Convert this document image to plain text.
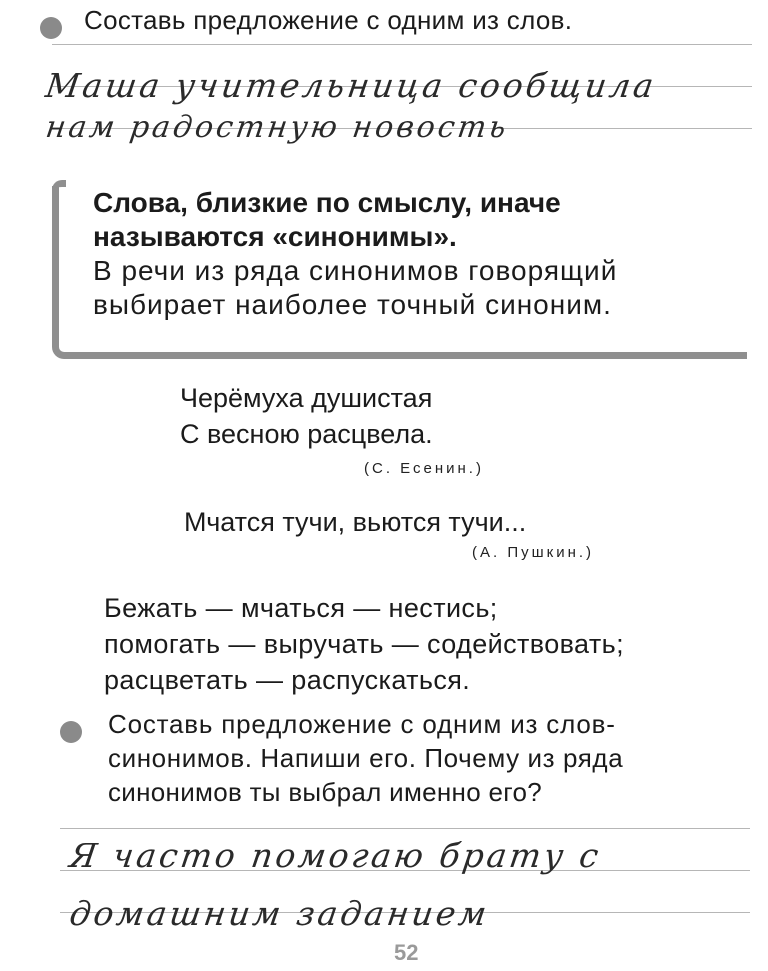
Составь предложение с одним из слов.
Маша учительница сообщила
нам радостную новость
Слова, близкие по смыслу, иначе
называются «синонимы».
В речи из ряда синонимов говорящий
выбирает наиболее точный синоним.
Черёмуха душистая
С весною расцвела.
(С. Есенин.)
Мчатся тучи, вьются тучи...
(А. Пушкин.)
Бежать — мчаться — нестись;
помогать — выручать — содействовать;
расцветать — распускаться.
Составь предложение с одним из слов-
синонимов. Напиши его. Почему из ряда
синонимов ты выбрал именно его?
Я часто помогаю брату с
домашним заданием
52
